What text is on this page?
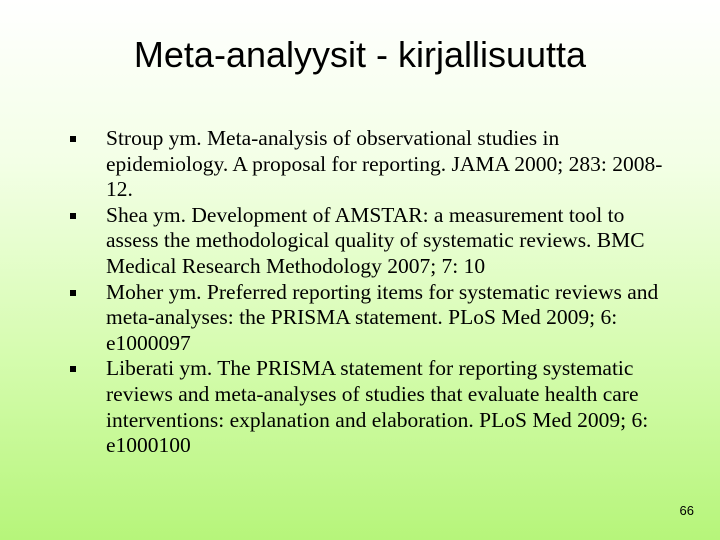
Meta-analyysit - kirjallisuutta
Stroup ym. Meta-analysis of observational studies in epidemiology. A proposal for reporting. JAMA 2000; 283: 2008-12.
Shea ym. Development of AMSTAR: a measurement tool to assess the methodological quality of systematic reviews. BMC Medical Research Methodology 2007; 7: 10
Moher ym. Preferred reporting items for systematic reviews and meta-analyses: the PRISMA statement. PLoS Med 2009; 6: e1000097
Liberati ym. The PRISMA statement for reporting systematic reviews and meta-analyses of studies that evaluate health care interventions: explanation and elaboration. PLoS Med 2009; 6: e1000100
66
